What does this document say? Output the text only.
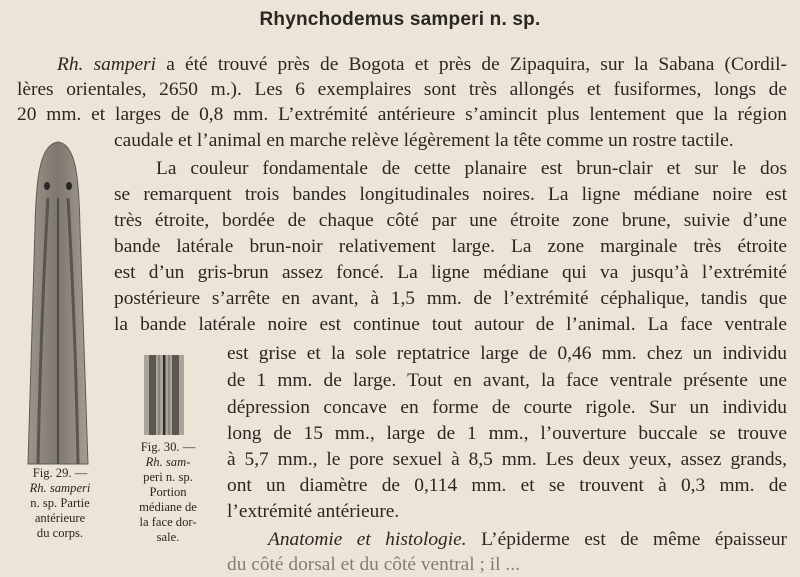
Rhynchodemus samperi n. sp.
Rh. samperi a été trouvé près de Bogota et près de Zipaquira, sur la Sabana (Cordil-
lères orientales, 2650 m.). Les 6 exemplaires sont très allongés et fusiformes, longs de
20 mm. et larges de 0,8 mm. L’extrémité antérieure s’amincit plus lentement que la région
caudale et l’animal en marche relève légèrement la tête comme un rostre tactile.
La couleur fondamentale de cette planaire est brun-clair et sur le dos
se remarquent trois bandes longitudinales noires. La ligne médiane noire est
très étroite, bordée de chaque côté par une étroite zone brune, suivie d’une
bande latérale brun-noir relativement large. La zone marginale très étroite
est d’un gris-brun assez foncé. La ligne médiane qui va jusqu’à l’extrémité
postérieure s’arrête en avant, à 1,5 mm. de l’extrémité céphalique, tandis que
la bande latérale noire est continue tout autour de l’animal. La face ventrale
est grise et la sole reptatrice large de 0,46 mm. chez un individu
de 1 mm. de large. Tout en avant, la face ventrale présente une
dépression concave en forme de courte rigole. Sur un individu
long de 15 mm., large de 1 mm., l’ouverture buccale se trouve
à 5,7 mm., le pore sexuel à 8,5 mm. Les deux yeux, assez grands,
ont un diamètre de 0,114 mm. et se trouvent à 0,3 mm. de
l’extrémité antérieure.
Anatomie et histologie. L’épiderme est de même épaisseur
du côté dorsal et du côté ventral ; il ...
Fig. 29. —
Rh. samperi
n. sp. Partie
antérieure
du corps.
Fig. 30. —
Rh. sam-
peri n. sp.
Portion
médiane de
la face dor-
sale.
